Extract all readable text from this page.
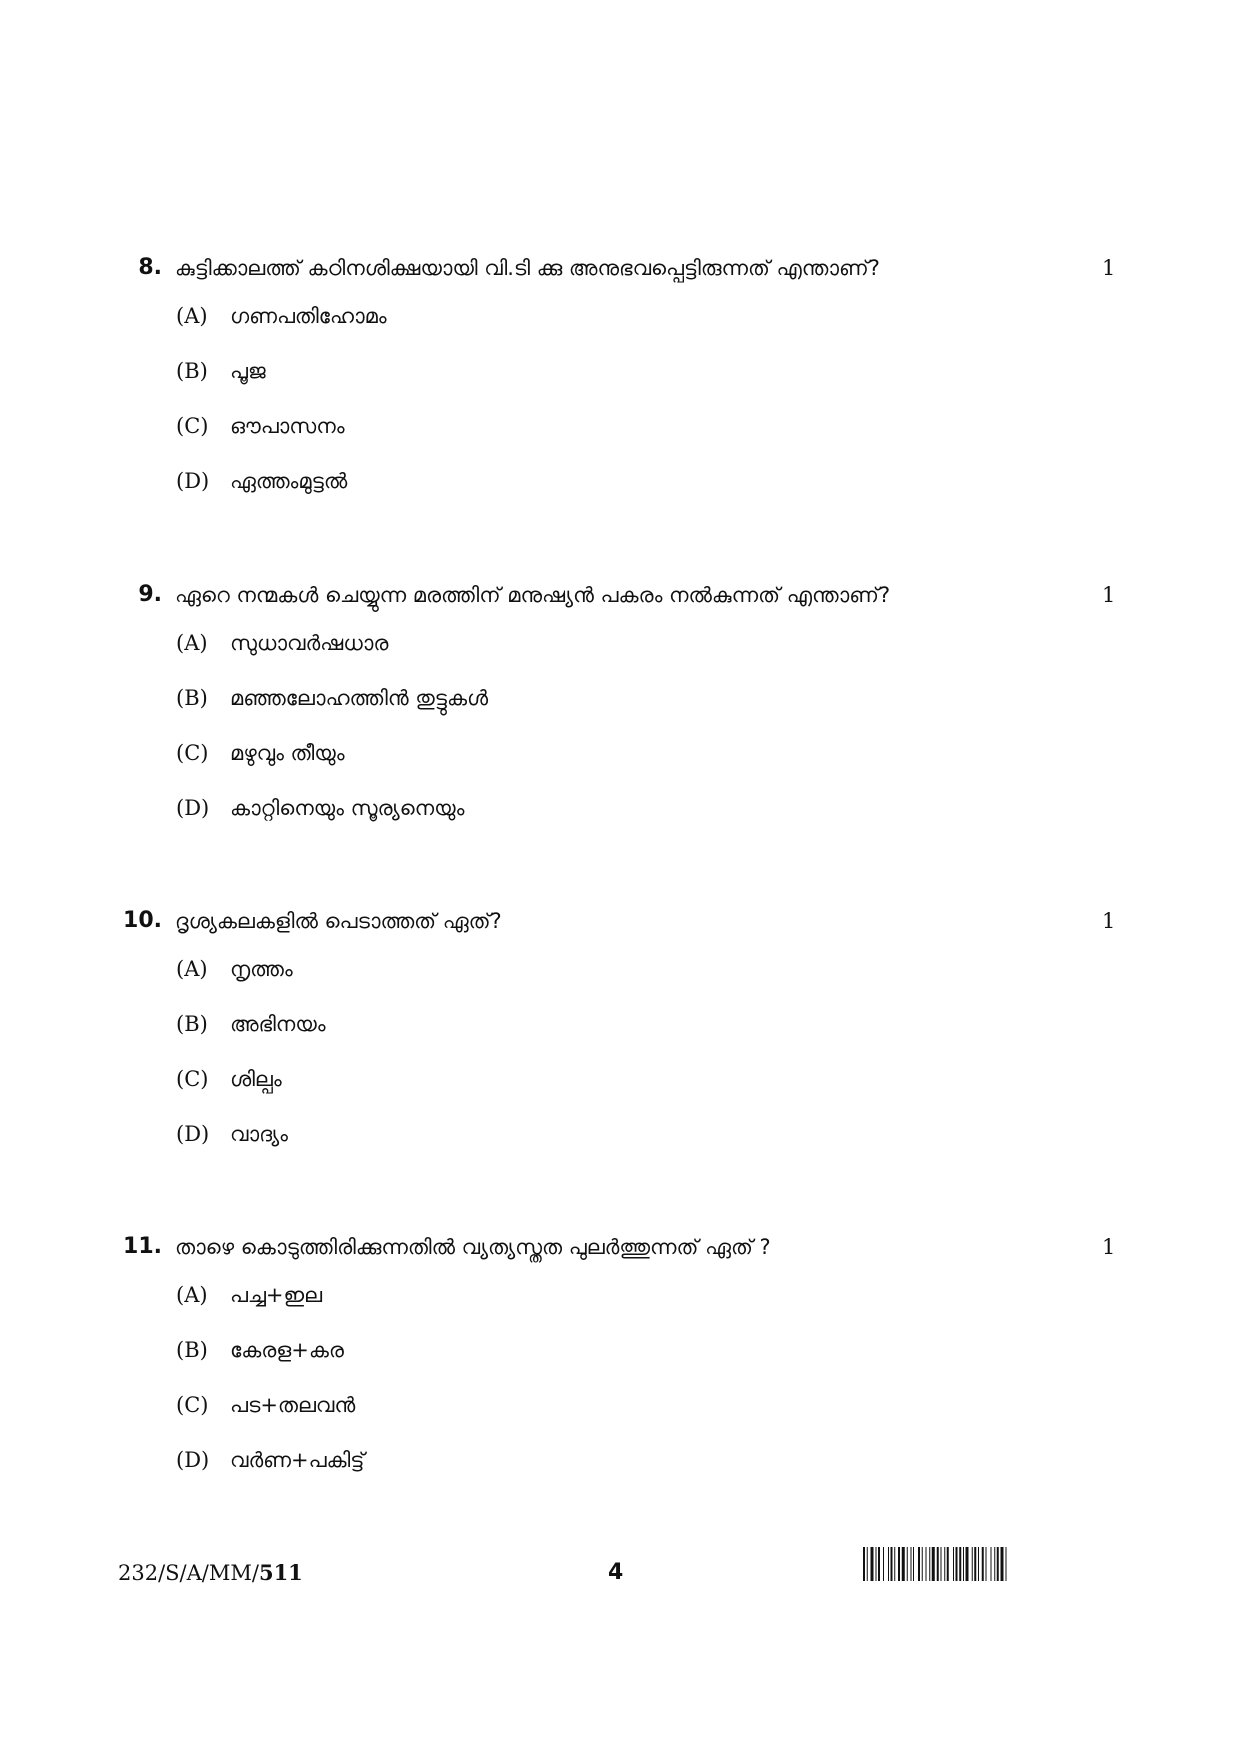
8. കുട്ടിക്കാലത്ത് കഠിനശിക്ഷയായി വി.ടി ക്കു അനുഭവപ്പെട്ടിരുന്നത് എന്താണ്?	1
(A) ഗണപതിഹോമം
(B) പൂജ
(C) ഔപാസനം
(D) ഏത്തംമുട്ടൽ
9. ഏറെ നന്മകൾ ചെയ്യുന്ന മരത്തിന് മനുഷ്യൻ പകരം നൽകുന്നത് എന്താണ്?	1
(A) സുധാവർഷധാര
(B) മഞ്ഞലോഹത്തിൻ തുട്ടുകൾ
(C) മഴുവും തീയും
(D) കാറ്റിനെയും സൂര്യനെയും
10. ദൃശ്യകലകളിൽ പെടാത്തത് ഏത്?	1
(A) നൃത്തം
(B) അഭിനയം
(C) ശില്പം
(D) വാദ്യം
11. താഴെ കൊടുത്തിരിക്കുന്നതിൽ വ്യത്യസ്തത പുലർത്തുന്നത് ഏത് ?	1
(A) പച്ച+ഇല
(B) കേരള+കര
(C) പട+തലവൻ
(D) വർണ+പകിട്ട്
232/S/A/MM/511	4
